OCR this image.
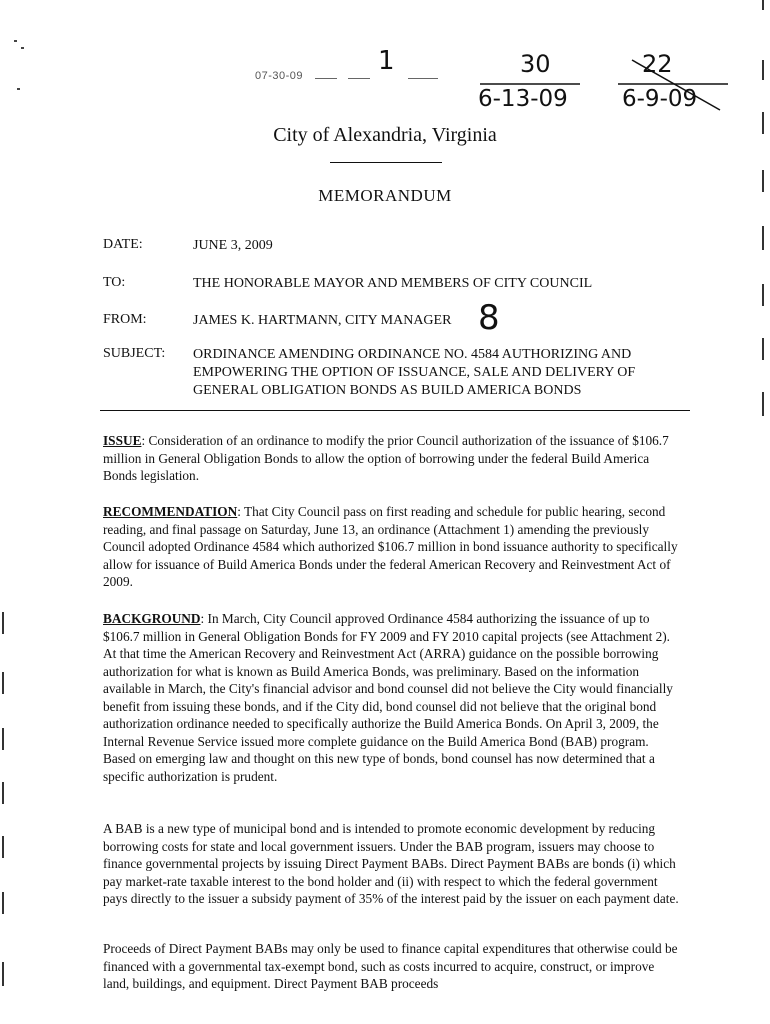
07-30-09	1	30
6-13-09
22
6-9-09
City of Alexandria, Virginia
MEMORANDUM
DATE:	JUNE 3, 2009
TO:	THE HONORABLE MAYOR AND MEMBERS OF CITY COUNCIL
FROM:	JAMES K. HARTMANN, CITY MANAGER 8
SUBJECT: ORDINANCE AMENDING ORDINANCE NO. 4584 AUTHORIZING AND EMPOWERING THE OPTION OF ISSUANCE, SALE AND DELIVERY OF GENERAL OBLIGATION BONDS AS BUILD AMERICA BONDS

ISSUE: Consideration of an ordinance to modify the prior Council authorization of the issuance of $106.7 million in General Obligation Bonds to allow the option of borrowing under the federal Build America Bonds legislation.

RECOMMENDATION: That City Council pass on first reading and schedule for public hearing, second reading, and final passage on Saturday, June 13, an ordinance (Attachment 1) amending the previously Council adopted Ordinance 4584 which authorized $106.7 million in bond issuance authority to specifically allow for issuance of Build America Bonds under the federal American Recovery and Reinvestment Act of 2009.

BACKGROUND: In March, City Council approved Ordinance 4584 authorizing the issuance of up to $106.7 million in General Obligation Bonds for FY 2009 and FY 2010 capital projects (see Attachment 2). At that time the American Recovery and Reinvestment Act (ARRA) guidance on the possible borrowing authorization for what is known as Build America Bonds, was preliminary. Based on the information available in March, the City's financial advisor and bond counsel did not believe the City would financially benefit from issuing these bonds, and if the City did, bond counsel did not believe that the original bond authorization ordinance needed to specifically authorize the Build America Bonds. On April 3, 2009, the Internal Revenue Service issued more complete guidance on the Build America Bond (BAB) program. Based on emerging law and thought on this new type of bonds, bond counsel has now determined that a specific authorization is prudent.

A BAB is a new type of municipal bond and is intended to promote economic development by reducing borrowing costs for state and local government issuers. Under the BAB program, issuers may choose to finance governmental projects by issuing Direct Payment BABs. Direct Payment BABs are bonds (i) which pay market-rate taxable interest to the bond holder and (ii) with respect to which the federal government pays directly to the issuer a subsidy payment of 35% of the interest paid by the issuer on each payment date.

Proceeds of Direct Payment BABs may only be used to finance capital expenditures that otherwise could be financed with a governmental tax-exempt bond, such as costs incurred to acquire, construct, or improve land, buildings, and equipment. Direct Payment BAB proceeds
